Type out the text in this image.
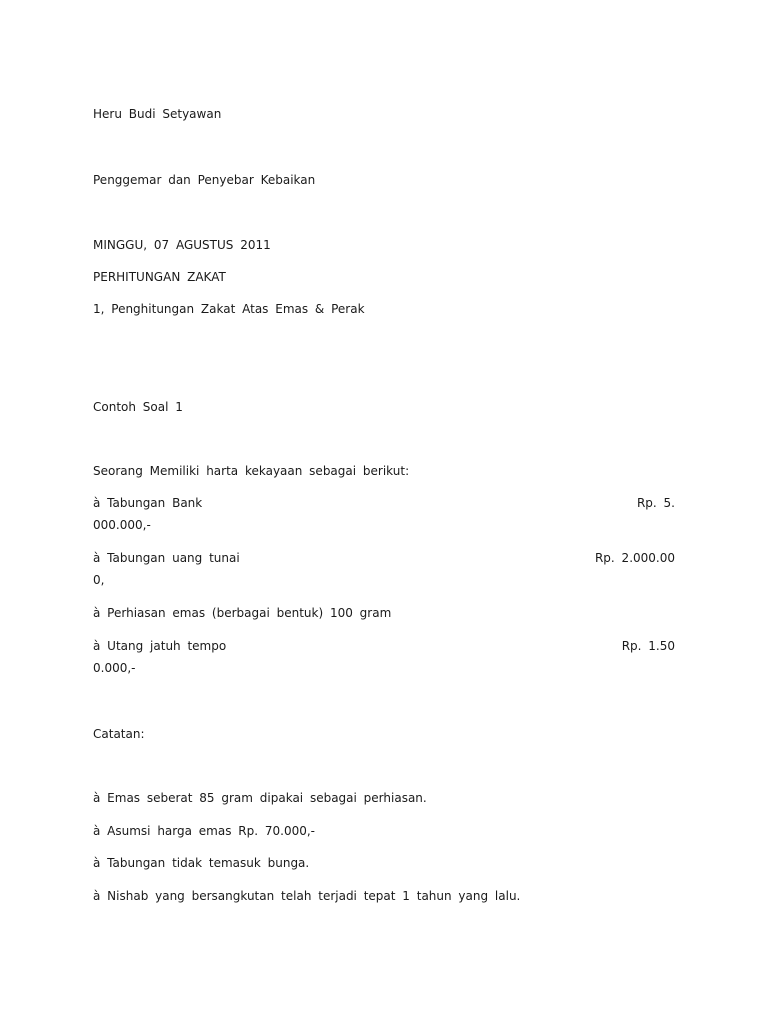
Heru Budi Setyawan
Penggemar dan Penyebar Kebaikan
MINGGU, 07 AGUSTUS 2011
PERHITUNGAN ZAKAT
1, Penghitungan Zakat Atas Emas & Perak
Contoh Soal 1
Seorang Memiliki harta kekayaan sebagai berikut:
à Tabungan Bank	Rp. 5.
000.000,-
à Tabungan uang tunai	Rp. 2.000.00
0,
à Perhiasan emas (berbagai bentuk) 100 gram
à Utang jatuh tempo	Rp. 1.50
0.000,-
Catatan:
à Emas seberat 85 gram dipakai sebagai perhiasan.
à Asumsi harga emas Rp. 70.000,-
à Tabungan tidak temasuk bunga.
à Nishab yang bersangkutan telah terjadi tepat 1 tahun yang lalu.
